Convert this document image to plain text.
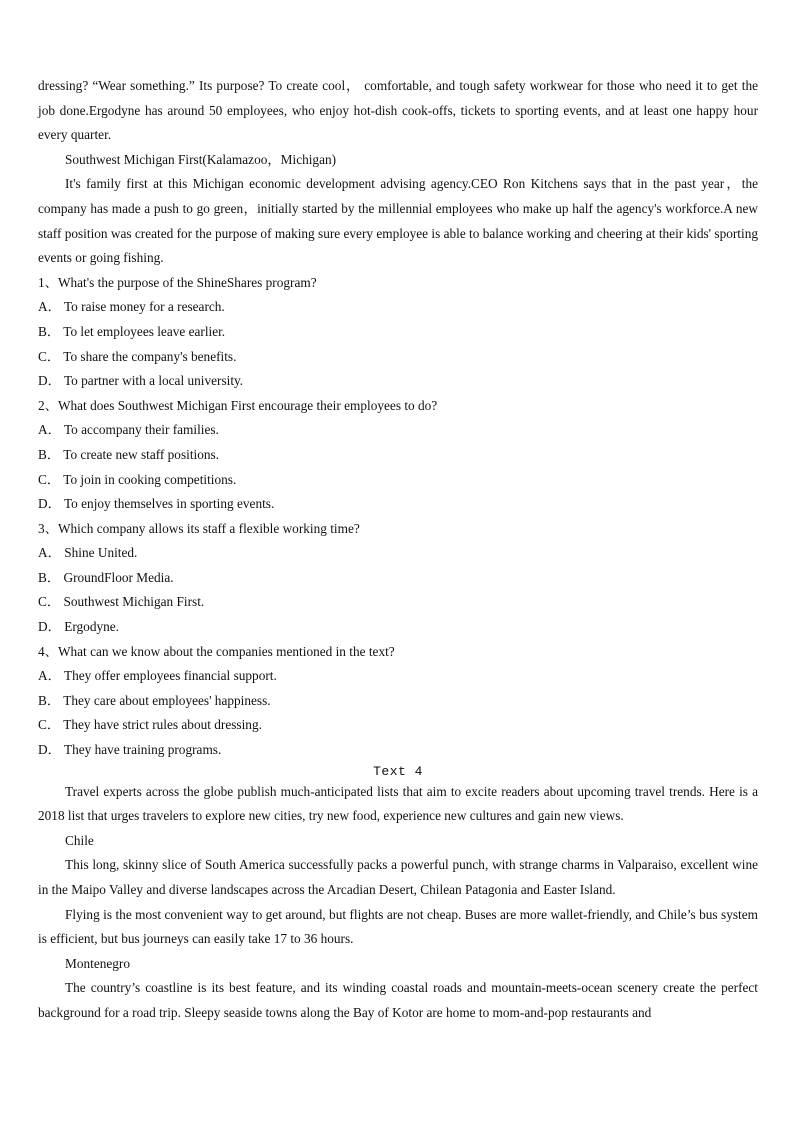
dressing? “Wear something.” Its purpose? To create cool， comfortable, and tough safety workwear for those who need it to get the job done.Ergodyne has around 50 employees, who enjoy hot-dish cook-offs, tickets to sporting events, and at least one happy hour every quarter.

Southwest Michigan First(Kalamazoo，Michigan)

It's family first at this Michigan economic development advising agency.CEO Ron Kitchens says that in the past year，the company has made a push to go green，initially started by the millennial employees who make up half the agency's workforce.A new staff position was created for the purpose of making sure every employee is able to balance working and cheering at their kids' sporting events or going fishing.

1、What's the purpose of the ShineShares program?

A． To raise money for a research.

B． To let employees leave earlier.

C． To share the company's benefits.

D． To partner with a local university.

2、What does Southwest Michigan First encourage their employees to do?

A． To accompany their families.

B． To create new staff positions.

C． To join in cooking competitions.

D． To enjoy themselves in sporting events.

3、Which company allows its staff a flexible working time?

A． Shine United.

B． GroundFloor Media.

C． Southwest Michigan First.

D． Ergodyne.

4、What can we know about the companies mentioned in the text?

A． They offer employees financial support.

B． They care about employees' happiness.

C． They have strict rules about dressing.

D． They have training programs.

Text 4

Travel experts across the globe publish much-anticipated lists that aim to excite readers about upcoming travel trends. Here is a 2018 list that urges travelers to explore new cities, try new food, experience new cultures and gain new views.

Chile

This long, skinny slice of South America successfully packs a powerful punch, with strange charms in Valparaiso, excellent wine in the Maipo Valley and diverse landscapes across the Arcadian Desert, Chilean Patagonia and Easter Island.

Flying is the most convenient way to get around, but flights are not cheap. Buses are more wallet-friendly, and Chile’s bus system is efficient, but bus journeys can easily take 17 to 36 hours.

Montenegro

The country’s coastline is its best feature, and its winding coastal roads and mountain-meets-ocean scenery create the perfect background for a road trip. Sleepy seaside towns along the Bay of Kotor are home to mom-and-pop restaurants and
